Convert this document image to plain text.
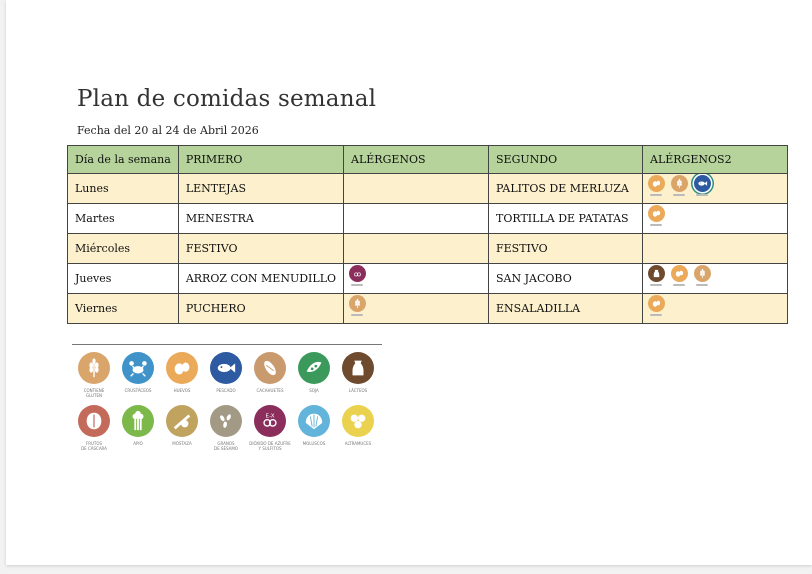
Plan de comidas semanal
Fecha del 20 al 24 de Abril 2026
Día de la semana	PRIMERO	ALÉRGENOS	SEGUNDO	ALÉRGENOS2
Lunes	LENTEJAS		PALITOS DE MERLUZA	

Martes	MENESTRA		TORTILLA DE PATATAS	

Miércoles	FESTIVO		FESTIVO	
Jueves	ARROZ CON MENUDILLO		SAN JACOBO	

Viernes	PUCHERO		ENSALADILLA	
CONTIENE
GLUTEN
CRUSTÁCEOS	HUEVOS	PESCADO	CACAHUETES	SOJA	LÁCTEOS
FRUTOS
DE CÁSCARA
APIO	MOSTAZA	GRANOS
DE SÉSAMO
E-X
DIÓXIDO DE AZUFRE
Y SULFITOS
MOLUSCOS	ALTRAMUCES
